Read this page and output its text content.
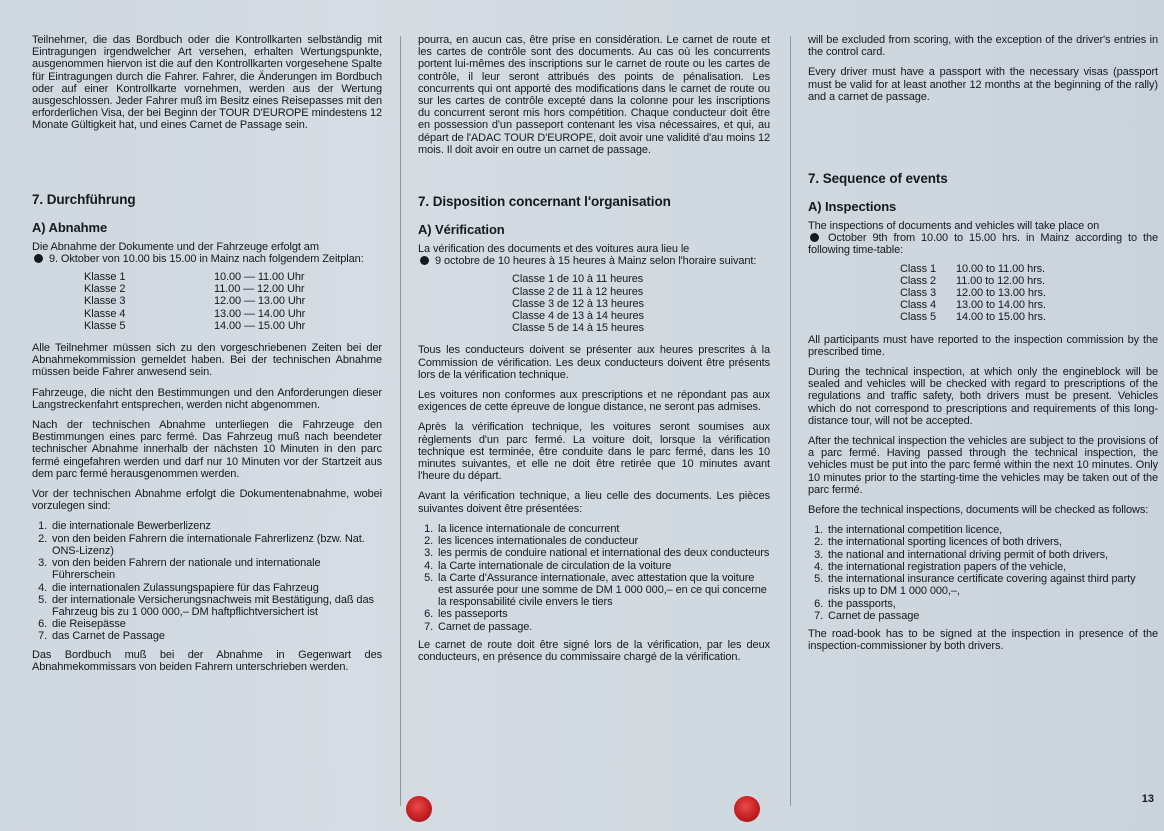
Teilnehmer, die das Bordbuch oder die Kontrollkarten selbständig mit Eintragungen irgendwelcher Art versehen, erhalten Wertungspunkte, ausgenommen hiervon ist die auf den Kontrollkarten vorgesehene Spalte für Eintragungen durch die Fahrer. Fahrer, die Änderungen im Bordbuch oder auf einer Kontrollkarte vornehmen, werden aus der Wertung ausgeschlossen. Jeder Fahrer muß im Besitz eines Reisepasses mit den erforderlichen Visa, der bei Beginn der TOUR D'EUROPE mindestens 12 Monate Gültigkeit hat, und eines Carnet de Passage sein.

7. Durchführung
A) Abnahme

Die Abnahme der Dokumente und der Fahrzeuge erfolgt am
9. Oktober von 10.00 bis 15.00 in Mainz nach folgendem Zeitplan:

Klasse 1	10.00 — 11.00 Uhr
Klasse 2	11.00 — 12.00 Uhr
Klasse 3	12.00 — 13.00 Uhr
Klasse 4	13.00 — 14.00 Uhr
Klasse 5	14.00 — 15.00 Uhr

Alle Teilnehmer müssen sich zu den vorgeschriebenen Zeiten bei der Abnahmekommission gemeldet haben. Bei der technischen Abnahme müssen beide Fahrer anwesend sein.

Fahrzeuge, die nicht den Bestimmungen und den Anforderungen dieser Langstreckenfahrt entsprechen, werden nicht abgenommen.

Nach der technischen Abnahme unterliegen die Fahrzeuge den Bestimmungen eines parc fermé. Das Fahrzeug muß nach beendeter technischer Abnahme innerhalb der nächsten 10 Minuten in den parc fermé eingefahren werden und darf nur 10 Minuten vor der Startzeit aus dem parc fermé herausgenommen werden.

Vor der technischen Abnahme erfolgt die Dokumentenabnahme, wobei vorzulegen sind:

1. die internationale Bewerberlizenz
2. von den beiden Fahrern die internationale Fahrerlizenz (bzw. Nat. ONS-Lizenz)
3. von den beiden Fahrern der nationale und internationale Führerschein
4. die internationalen Zulassungspapiere für das Fahrzeug
5. der internationale Versicherungsnachweis mit Bestätigung, daß das Fahrzeug bis zu 1 000 000,– DM haftpflichtversichert ist
6. die Reisepässe
7. das Carnet de Passage

Das Bordbuch muß bei der Abnahme in Gegenwart des Abnahmekommissars von beiden Fahrern unterschrieben werden.

pourra, en aucun cas, être prise en considération. Le carnet de route et les cartes de contrôle sont des documents. Au cas où les concurrents portent lui-mêmes des inscriptions sur le carnet de route ou les cartes de contrôle, il leur seront attribués des points de pénalisation. Les concurrents qui ont apporté des modifications dans le carnet de route ou sur les cartes de contrôle excepté dans la colonne pour les inscriptions du concurrent seront mis hors compétition. Chaque conducteur doit être en possession d'un passeport contenant les visa nécessaires, et qui, au départ de l'ADAC TOUR D'EUROPE, doit avoir une validité d'au moins 12 mois. Il doit avoir en outre un carnet de passage.

7. Disposition concernant l'organisation
A) Vérification

La vérification des documents et des voitures aura lieu le
9 octobre de 10 heures à 15 heures à Mainz selon l'horaire suivant:

Classe 1 de 10 à 11 heures
Classe 2 de 11 à 12 heures
Classe 3 de 12 à 13 heures
Classe 4 de 13 à 14 heures
Classe 5 de 14 à 15 heures

Tous les conducteurs doivent se présenter aux heures prescrites à la Commission de vérification. Les deux conducteurs doivent être présents lors de la vérification technique.

Les voitures non conformes aux prescriptions et ne répondant pas aux exigences de cette épreuve de longue distance, ne seront pas admises.

Après la vérification technique, les voitures seront soumises aux règlements d'un parc fermé. La voiture doit, lorsque la vérification technique est terminée, être conduite dans le parc fermé, dans les 10 minutes suivantes, et elle ne doit être retirée que 10 minutes avant l'heure du départ.

Avant la vérification technique, a lieu celle des documents. Les pièces suivantes doivent être présentées:

1. la licence internationale de concurrent
2. les licences internationales de conducteur
3. les permis de conduire national et international des deux conducteurs
4. la Carte internationale de circulation de la voiture
5. la Carte d'Assurance internationale, avec attestation que la voiture est assurée pour une somme de DM 1 000 000,– en ce qui concerne la responsabilité civile envers le tiers
6. les passeports
7. Carnet de passage.

Le carnet de route doit être signé lors de la vérification, par les deux conducteurs, en présence du commissaire chargé de la vérification.

will be excluded from scoring, with the exception of the driver's entries in the control card.

Every driver must have a passport with the necessary visas (passport must be valid for at least another 12 months at the beginning of the rally) and a carnet de passage.

7. Sequence of events
A) Inspections

The inspections of documents and vehicles will take place on
October 9th from 10.00 to 15.00 hrs. in Mainz according to the following time-table:

Class 1	10.00 to 11.00 hrs.
Class 2	11.00 to 12.00 hrs.
Class 3	12.00 to 13.00 hrs.
Class 4	13.00 to 14.00 hrs.
Class 5	14.00 to 15.00 hrs.

All participants must have reported to the inspection commission by the prescribed time.

During the technical inspection, at which only the engineblock will be sealed and vehicles will be checked with regard to prescriptions of the regulations and traffic safety, both drivers must be present. Vehicles which do not correspond to prescriptions and requirements of this long-distance tour, will not be accepted.

After the technical inspection the vehicles are subject to the provisions of a parc fermé. Having passed through the technical inspection, the vehicles must be put into the parc fermé within the next 10 minutes. Only 10 minutes prior to the starting-time the vehicles may be taken out of the parc fermé.

Before the technical inspections, documents will be checked as follows:

1. the international competition licence,
2. the international sporting licences of both drivers,
3. the national and international driving permit of both drivers,
4. the international registration papers of the vehicle,
5. the international insurance certificate covering against third party risks up to DM 1 000 000,–,
6. the passports,
7. Carnet de passage

The road-book has to be signed at the inspection in presence of the inspection-commissioner by both drivers.

13
